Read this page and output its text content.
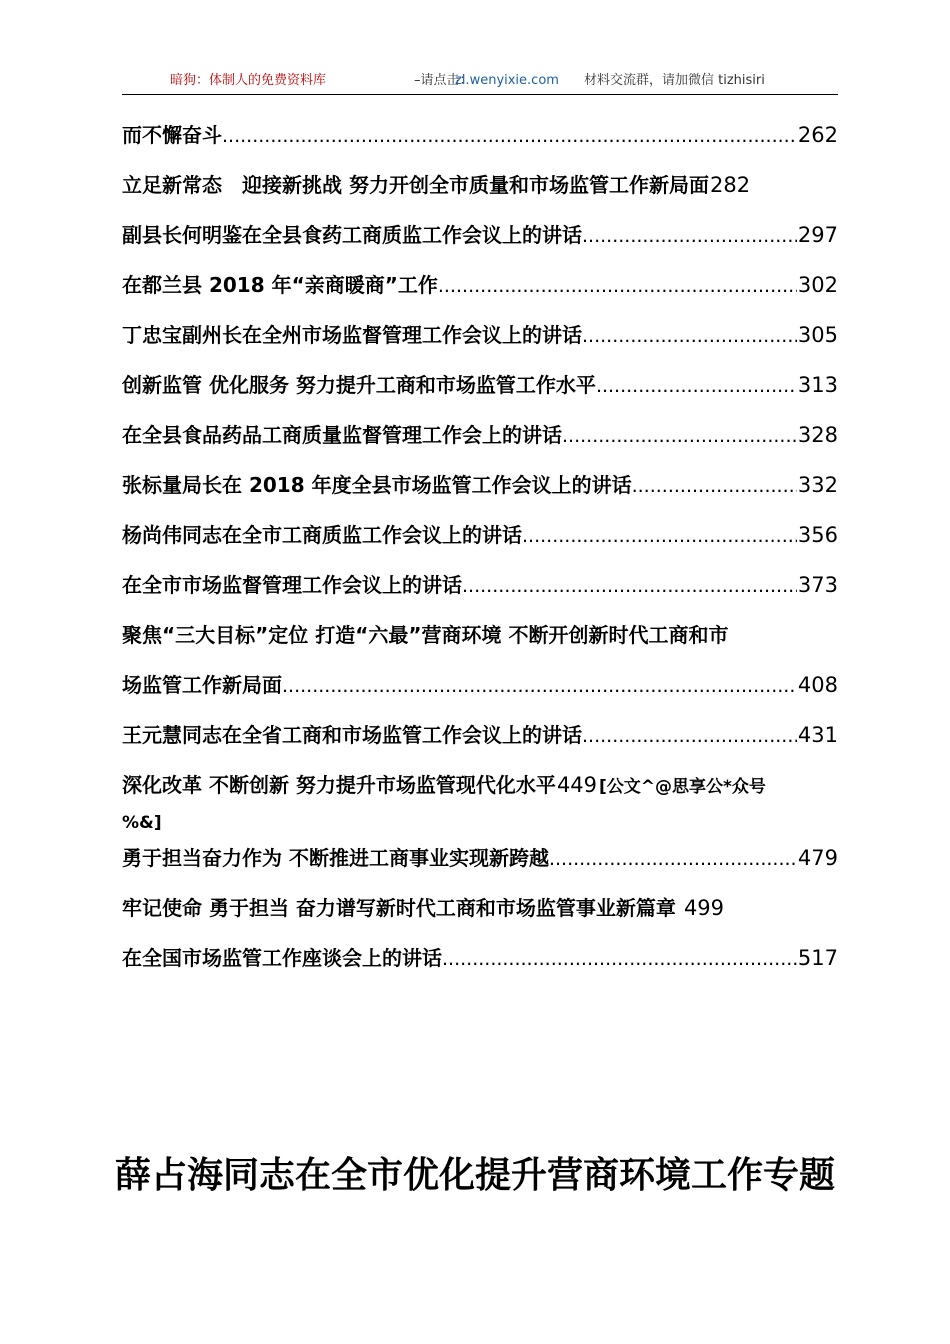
暗狗：体制人的免费资料库	–请点击：
zl.wenyixie.com 材料交流群，请加微信 tizhisiri
而不懈奋斗 .....	262
立足新常态　迎接新挑战 努力开创全市质量和市场监管工作新局面 282
副县长何明鉴在全县食药工商质监工作会议上的讲话 .....	297
在都兰县 2018 年“亲商暖商”工作 .....	302
丁忠宝副州长在全州市场监督管理工作会议上的讲话 .....	305
创新监管 优化服务 努力提升工商和市场监管工作水平 .....	313
在全县食品药品工商质量监督管理工作会上的讲话 .....	328
张标量局长在 2018 年度全县市场监管工作会议上的讲话 .....	332
杨尚伟同志在全市工商质监工作会议上的讲话 .....	356
在全市市场监督管理工作会议上的讲话 .....	373
聚焦“三大目标”定位 打造“六最”营商环境 不断开创新时代工商和市
场监管工作新局面 .....	408
王元慧同志在全省工商和市场监管工作会议上的讲话 .....	431
深化改革 不断创新 努力提升市场监管现代化水平 449 [公文^@思享公*众号
%&]
勇于担当奋力作为 不断推进工商事业实现新跨越 .....	479
牢记使命 勇于担当 奋力谱写新时代工商和市场监管事业新篇章 499
在全国市场监管工作座谈会上的讲话 .....	517
薛占海同志在全市优化提升营商环境工作专题
